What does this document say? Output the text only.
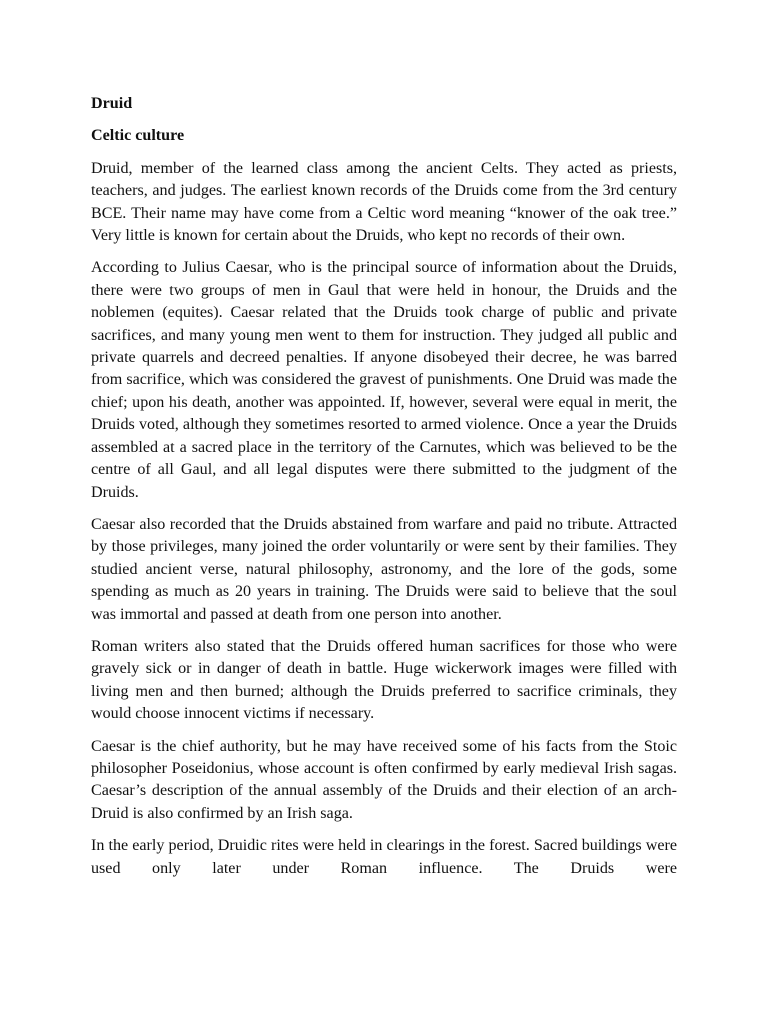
Druid
Celtic culture

Druid, member of the learned class among the ancient Celts. They acted as priests, teachers, and judges. The earliest known records of the Druids come from the 3rd century BCE. Their name may have come from a Celtic word meaning “knower of the oak tree.” Very little is known for certain about the Druids, who kept no records of their own.

According to Julius Caesar, who is the principal source of information about the Druids, there were two groups of men in Gaul that were held in honour, the Druids and the noblemen (equites). Caesar related that the Druids took charge of public and private sacrifices, and many young men went to them for instruction. They judged all public and private quarrels and decreed penalties. If anyone disobeyed their decree, he was barred from sacrifice, which was considered the gravest of punishments. One Druid was made the chief; upon his death, another was appointed. If, however, several were equal in merit, the Druids voted, although they sometimes resorted to armed violence. Once a year the Druids assembled at a sacred place in the territory of the Carnutes, which was believed to be the centre of all Gaul, and all legal disputes were there submitted to the judgment of the Druids.

Caesar also recorded that the Druids abstained from warfare and paid no tribute. Attracted by those privileges, many joined the order voluntarily or were sent by their families. They studied ancient verse, natural philosophy, astronomy, and the lore of the gods, some spending as much as 20 years in training. The Druids were said to believe that the soul was immortal and passed at death from one person into another.

Roman writers also stated that the Druids offered human sacrifices for those who were gravely sick or in danger of death in battle. Huge wickerwork images were filled with living men and then burned; although the Druids preferred to sacrifice criminals, they would choose innocent victims if necessary.

Caesar is the chief authority, but he may have received some of his facts from the Stoic philosopher Poseidonius, whose account is often confirmed by early medieval Irish sagas. Caesar’s description of the annual assembly of the Druids and their election of an arch-Druid is also confirmed by an Irish saga.

In the early period, Druidic rites were held in clearings in the forest. Sacred buildings were used only later under Roman influence. The Druids were
